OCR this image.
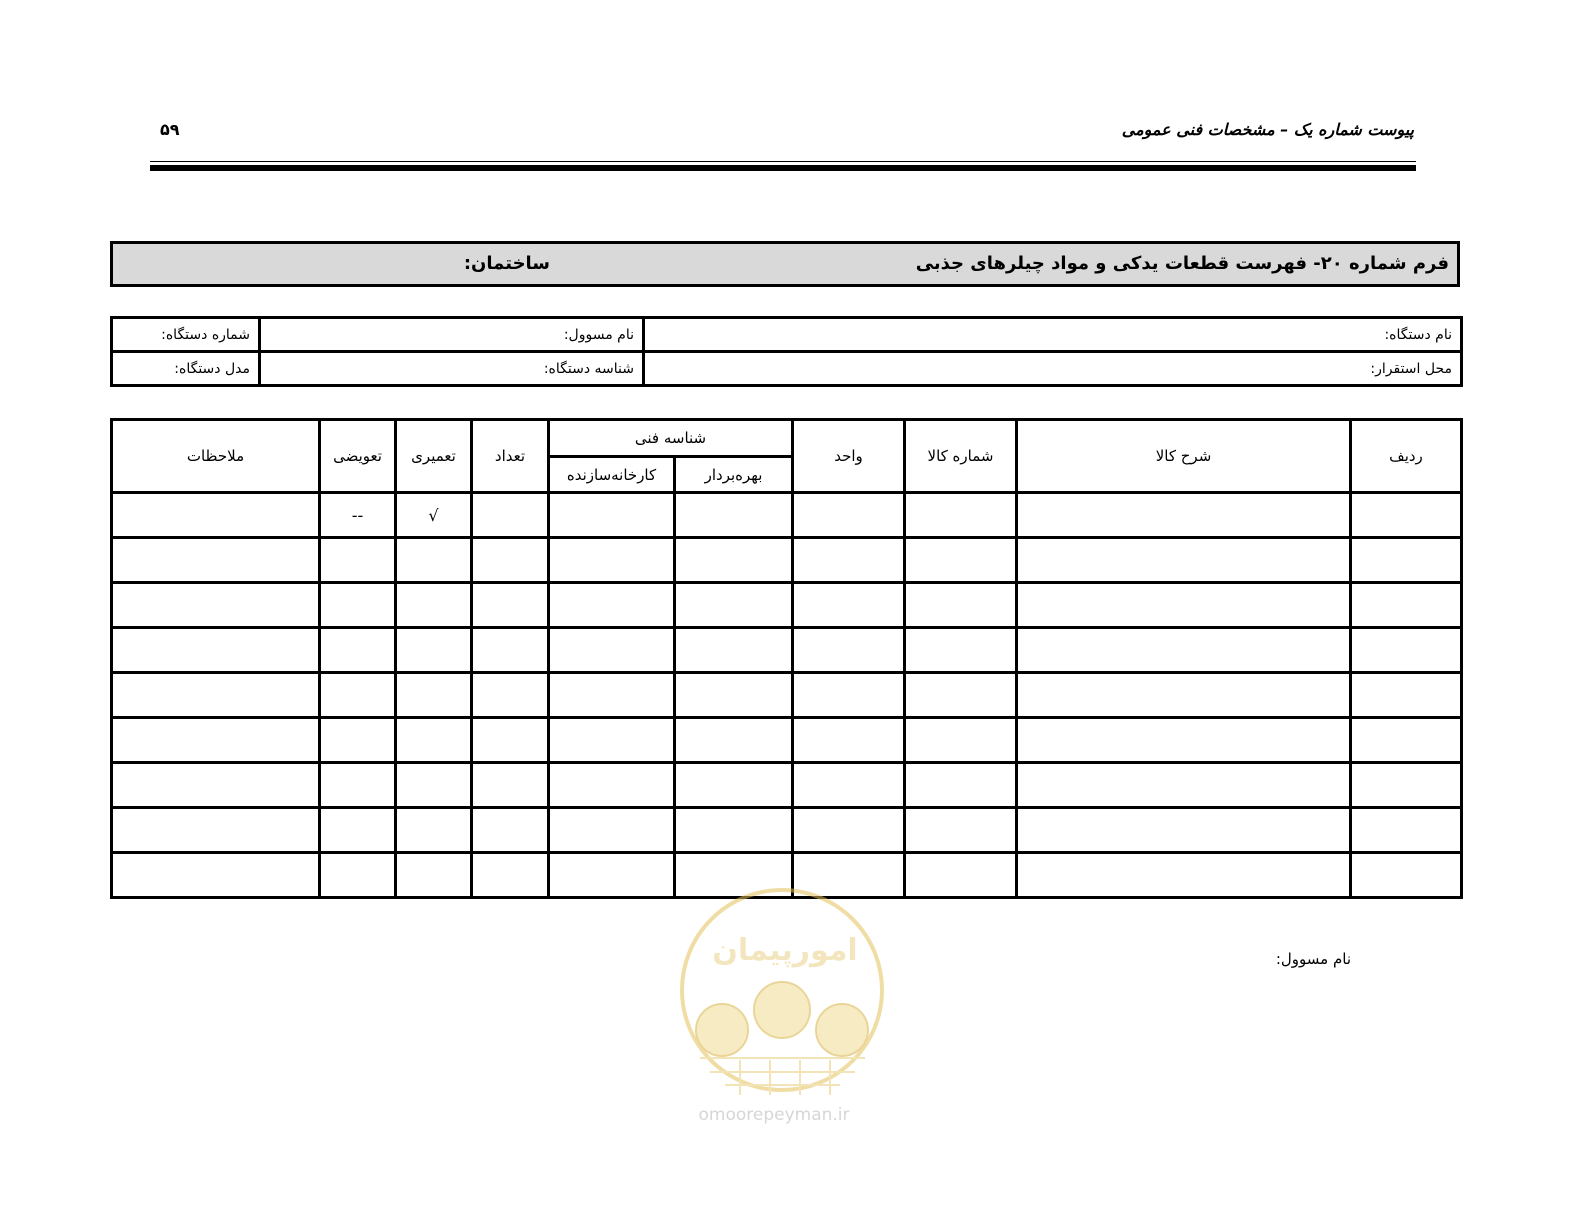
پیوست شماره یک – مشخصات فنی عمومی
۵۹
فرم شماره ۲۰- فهرست قطعات یدکی و مواد چیلرهای جذبی
ساختمان:
نام دستگاه:	نام مسوول:	شماره دستگاه:
محل استقرار:	شناسه دستگاه:	مدل دستگاه:
ردیف	شرح کالا	شماره کالا	واحد	شناسه فنی		تعداد	تعمیری	تعویضی	ملاحظات
				بهره‌بردار	کارخانه‌سازنده				
							√	--	

نام مسوول:
امورپیمان
omoorepeyman.ir
